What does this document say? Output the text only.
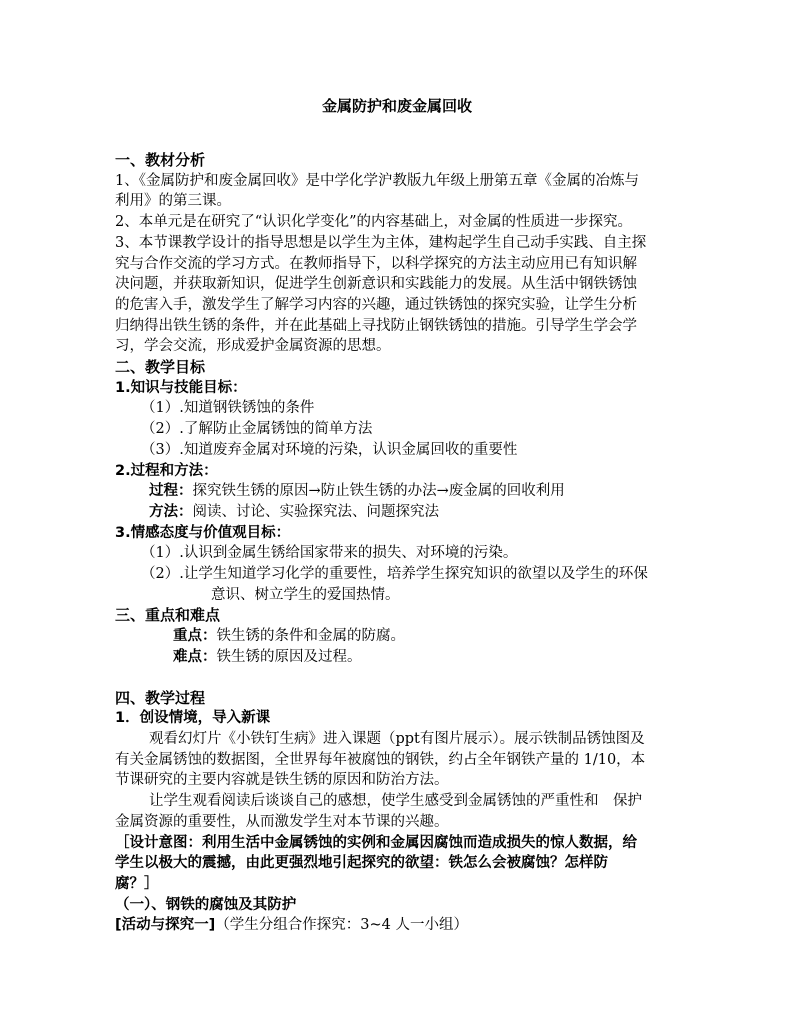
金属防护和废金属回收
一、教材分析
1、《金属防护和废金属回收》是中学化学沪教版九年级上册第五章《金属的冶炼与
利用》的第三课。
2、本单元是在研究了“认识化学变化”的内容基础上，对金属的性质进一步探究。
3、本节课教学设计的指导思想是以学生为主体，建构起学生自己动手实践、自主探
究与合作交流的学习方式。在教师指导下，以科学探究的方法主动应用已有知识解
决问题，并获取新知识，促进学生创新意识和实践能力的发展。从生活中钢铁锈蚀
的危害入手，激发学生了解学习内容的兴趣，通过铁锈蚀的探究实验，让学生分析
归纳得出铁生锈的条件，并在此基础上寻找防止钢铁锈蚀的措施。引导学生学会学
习，学会交流，形成爱护金属资源的思想。
二、教学目标
1.知识与技能目标：
（1）.知道钢铁锈蚀的条件
（2）.了解防止金属锈蚀的简单方法
（3）.知道废弃金属对环境的污染，认识金属回收的重要性
2.过程和方法：
过程：探究铁生锈的原因→防止铁生锈的办法→废金属的回收利用
方法：阅读、讨论、实验探究法、问题探究法
3.情感态度与价值观目标：
（1）.认识到金属生锈给国家带来的损失、对环境的污染。
（2）.让学生知道学习化学的重要性，培养学生探究知识的欲望以及学生的环保
意识、树立学生的爱国热情。
三、重点和难点
重点：铁生锈的条件和金属的防腐。
难点：铁生锈的原因及过程。
四、教学过程
1．创设情境，导入新课
观看幻灯片《小铁钉生病》进入课题（ppt有图片展示）。展示铁制品锈蚀图及
有关金属锈蚀的数据图，全世界每年被腐蚀的钢铁，约占全年钢铁产量的 1/10，本
节课研究的主要内容就是铁生锈的原因和防治方法。
让学生观看阅读后谈谈自己的感想，使学生感受到金属锈蚀的严重性和　保护
金属资源的重要性，从而激发学生对本节课的兴趣。
［设计意图：利用生活中金属锈蚀的实例和金属因腐蚀而造成损失的惊人数据，给
学生以极大的震撼，由此更强烈地引起探究的欲望：铁怎么会被腐蚀？怎样防
腐？］
（一）、钢铁的腐蚀及其防护
[活动与探究一]（学生分组合作探究：3~4 人一小组）
